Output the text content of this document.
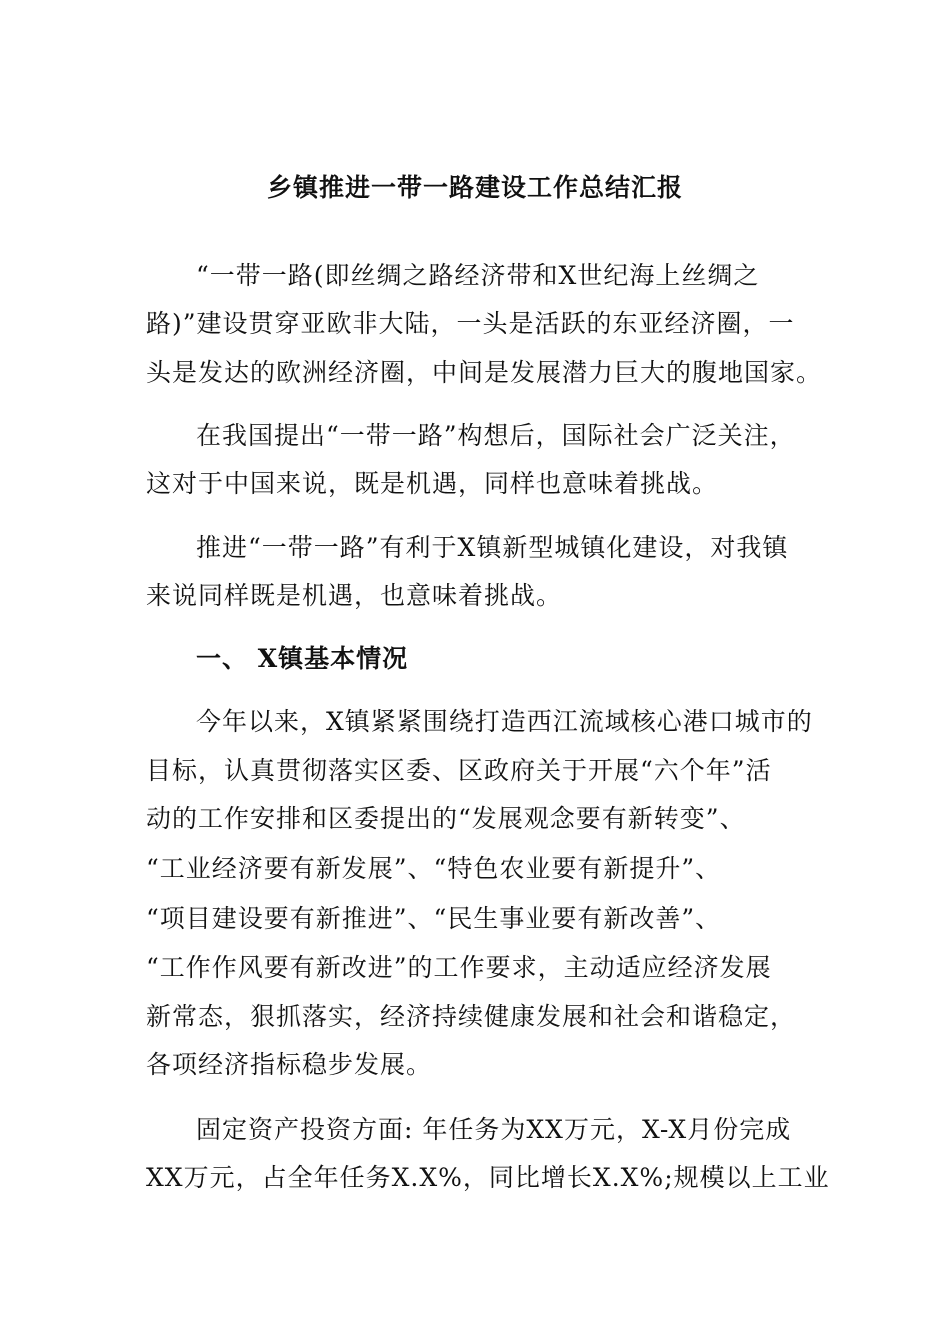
乡镇推进一带一路建设工作总结汇报
“一带一路(即丝绸之路经济带和X世纪海上丝绸之
路)”建设贯穿亚欧非大陆，一头是活跃的东亚经济圈，一
头是发达的欧洲经济圈，中间是发展潜力巨大的腹地国家。
在我国提出“一带一路”构想后，国际社会广泛关注，
这对于中国来说，既是机遇，同样也意味着挑战。
推进“一带一路”有利于X镇新型城镇化建设，对我镇
来说同样既是机遇，也意味着挑战。
一、 X镇基本情况
今年以来，X镇紧紧围绕打造西江流域核心港口城市的
目标，认真贯彻落实区委、区政府关于开展“六个年”活
动的工作安排和区委提出的“发展观念要有新转变”、
“工业经济要有新发展”、“特色农业要有新提升”、
“项目建设要有新推进”、“民生事业要有新改善”、
“工作作风要有新改进”的工作要求，主动适应经济发展
新常态，狠抓落实，经济持续健康发展和社会和谐稳定，
各项经济指标稳步发展。
固定资产投资方面: 年任务为XX万元，X-X月份完成
XX万元，占全年任务X.X%，同比增长X.X%;规模以上工业
